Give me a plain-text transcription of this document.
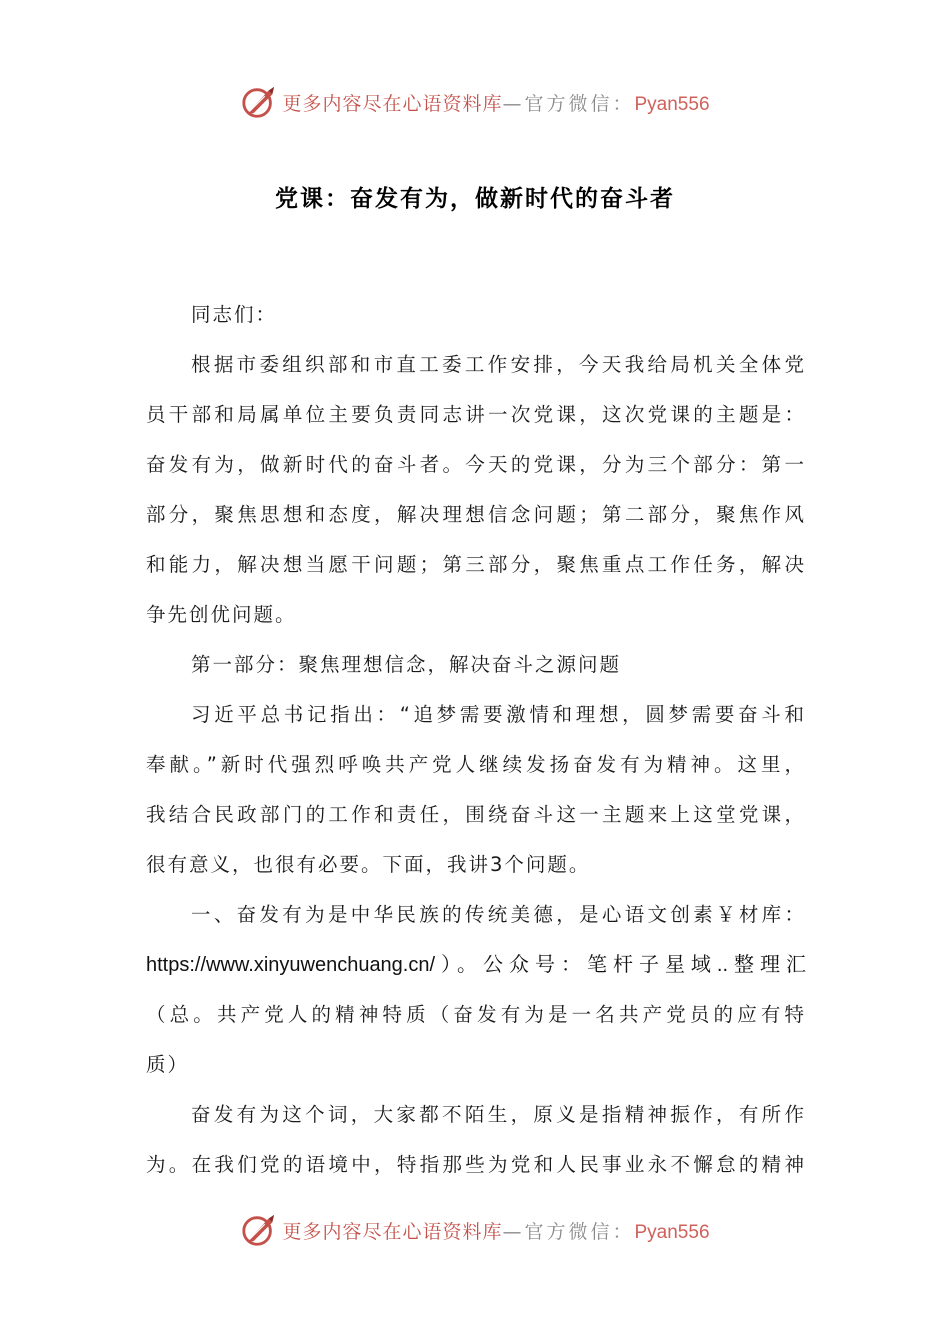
更多内容尽在心语资料库—官方微信：Pyan556
党课：奋发有为，做新时代的奋斗者
同志们：
根据市委组织部和市直工委工作安排，今天我给局机关全体党
员干部和局属单位主要负责同志讲一次党课，这次党课的主题是：
奋发有为，做新时代的奋斗者。今天的党课，分为三个部分：第一
部分，聚焦思想和态度，解决理想信念问题；第二部分，聚焦作风
和能力，解决想当愿干问题；第三部分，聚焦重点工作任务，解决
争先创优问题。
第一部分：聚焦理想信念，解决奋斗之源问题
习近平总书记指出：“追梦需要激情和理想，圆梦需要奋斗和
奉献。”新时代强烈呼唤共产党人继续发扬奋发有为精神。这里，
我结合民政部门的工作和责任，围绕奋斗这一主题来上这堂党课，
很有意义，也很有必要。下面，我讲3个问题。
一、奋发有为是中华民族的传统美德，是心语文创素￥材库：
https://www.xinyuwenchuang.cn/）。公众号：笔杆子星域..整理汇
（总。共产党人的精神特质（奋发有为是一名共产党员的应有特
质）
奋发有为这个词，大家都不陌生，原义是指精神振作，有所作
为。在我们党的语境中，特指那些为党和人民事业永不懈怠的精神
更多内容尽在心语资料库—官方微信：Pyan556
